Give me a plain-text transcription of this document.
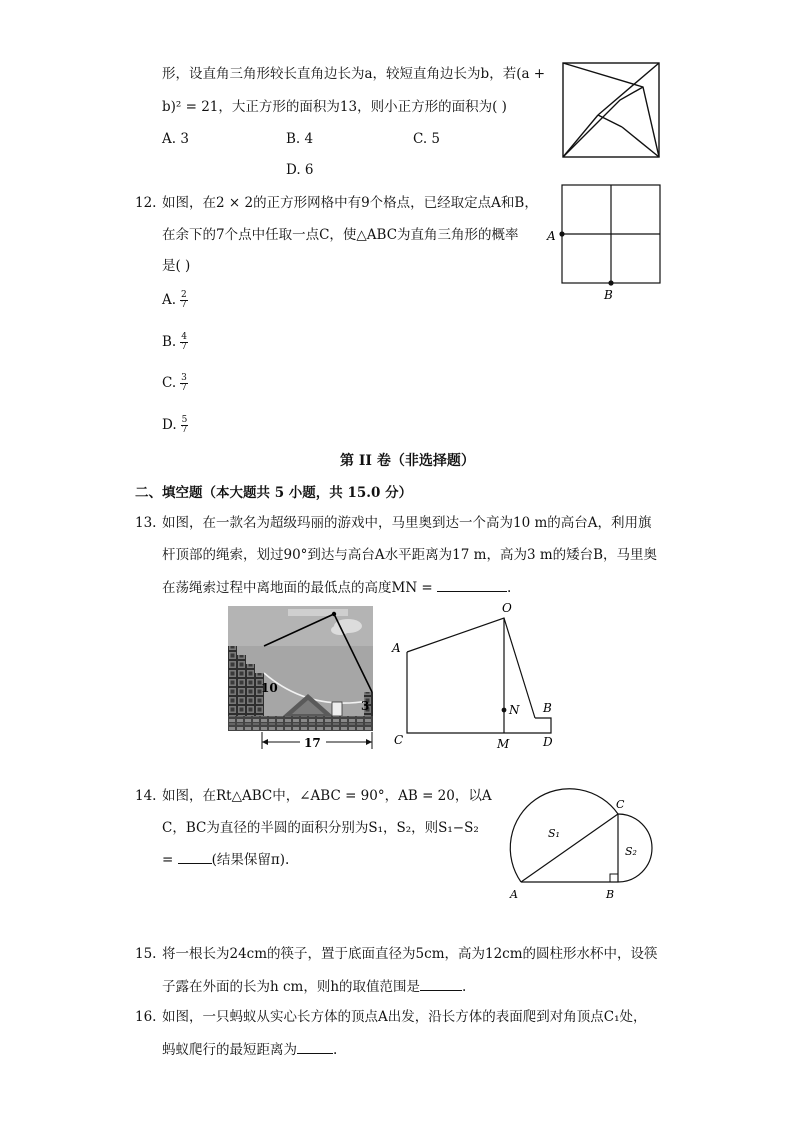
形，设直角三角形较长直角边长为a，较短直角边长为b，若(a +
b)² = 21，大正方形的面积为13，则小正方形的面积为( )
A. 3	B. 4	C. 5
D. 6
12. 如图，在2 × 2的正方形网格中有9个格点，已经取定点A和B，
在余下的7个点中任取一点C，使△ABC为直角三角形的概率
是( )
A. $\frac{2}{7}$
B. $\frac{4}{7}$
C. $\frac{3}{7}$
D. $\frac{5}{7}$
A
B
第 II 卷（非选择题）
二、填空题（本大题共 5 小题，共 15.0 分）
13. 如图，在一款名为超级玛丽的游戏中，马里奥到达一个高为10 m的高台A，利用旗
杆顶部的绳索，划过90°到达与高台A水平距离为17 m，高为3 m的矮台B，马里奥
在荡绳索过程中离地面的最低点的高度MN =	.
10
3
17
O
A
N B
C	M	D
14. 如图，在Rt△ABC中，∠ABC = 90°，AB = 20，以A
C，BC为直径的半圆的面积分别为S₁，S₂，则S₁−S₂
=	(结果保留π).
C
S₁
S₂
A	B
15. 将一根长为24cm的筷子，置于底面直径为5cm，高为12cm的圆柱形水杯中，设筷
子露在外面的长为h cm，则h的取值范围是	.
16. 如图，一只蚂蚁从实心长方体的顶点A出发，沿长方体的表面爬到对角顶点C₁处，
蚂蚁爬行的最短距离为	.
